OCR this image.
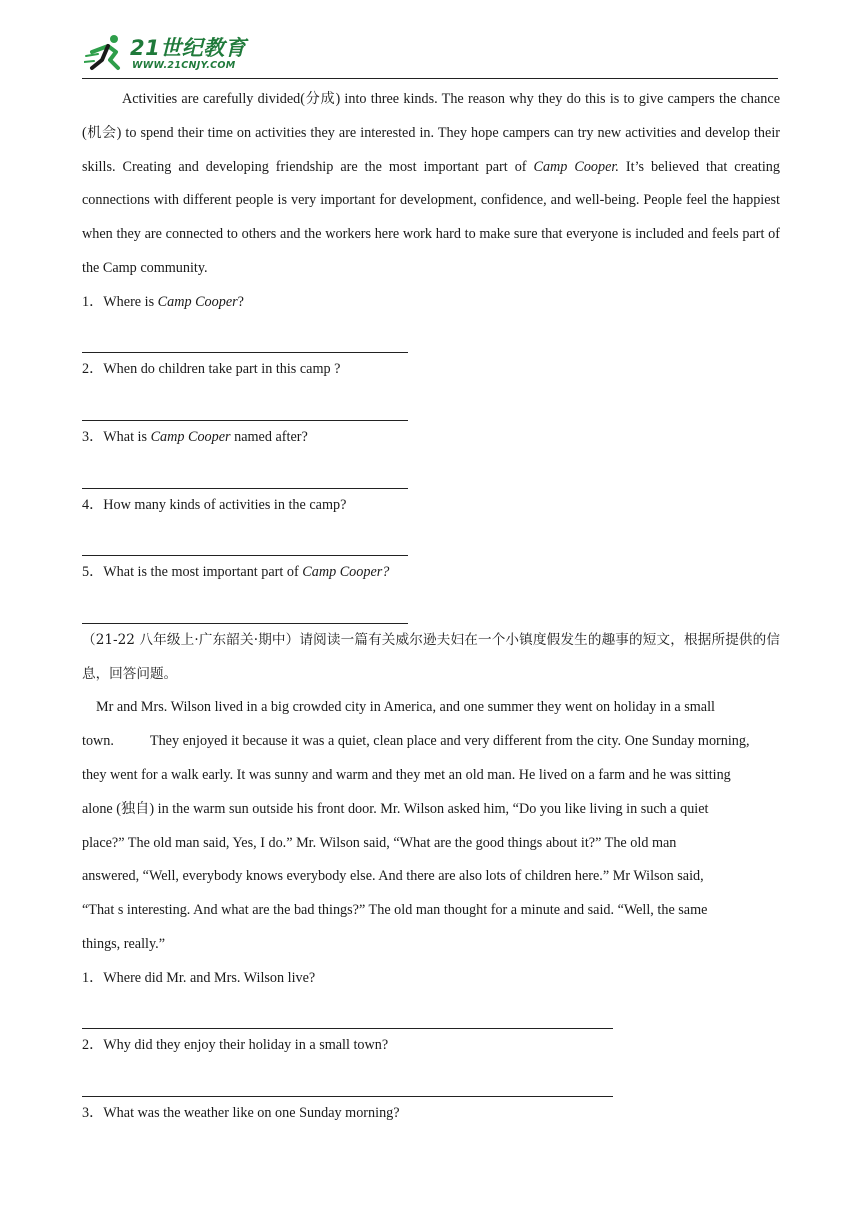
21世纪教育
WWW.21CNJY.COM

Activities are carefully divided(分成) into three kinds. The reason why they do this is to give campers the chance (机会) to spend their time on activities they are interested in. They hope campers can try new activities and develop their skills. Creating and developing friendship are the most important part of Camp Cooper. It’s believed that creating connections with different people is very important for development, confidence, and well-being. People feel the happiest when they are connected to others and the workers here work hard to make sure that everyone is included and feels part of the Camp community.

1．Where is Camp Cooper?
2．When do children take part in this camp ?
3．What is Camp Cooper named after?
4．How many kinds of activities in the camp?
5．What is the most important part of Camp Cooper?

（21-22 八年级上·广东韶关·期中）请阅读一篇有关威尔逊夫妇在一个小镇度假发生的趣事的短文，根据所提供的信息，回答问题。

Mr and Mrs. Wilson lived in a big crowded city in America, and one summer they went on holiday in a small

town.	They enjoyed it because it was a quiet, clean place and very different from the city. One Sunday morning,

they went for a walk early. It was sunny and warm and they met an old man. He lived on a farm and he was sitting

alone (独自) in the warm sun outside his front door. Mr. Wilson asked him, “Do you like living in such a quiet

place?” The old man said, Yes, I do.” Mr. Wilson said, “What are the good things about it?” The old man

answered, “Well, everybody knows everybody else. And there are also lots of children here.” Mr Wilson said,

“That s interesting. And what are the bad things?” The old man thought for a minute and said. “Well, the same

things, really.”

1．Where did Mr. and Mrs. Wilson live?
2．Why did they enjoy their holiday in a small town?
3．What was the weather like on one Sunday morning?
